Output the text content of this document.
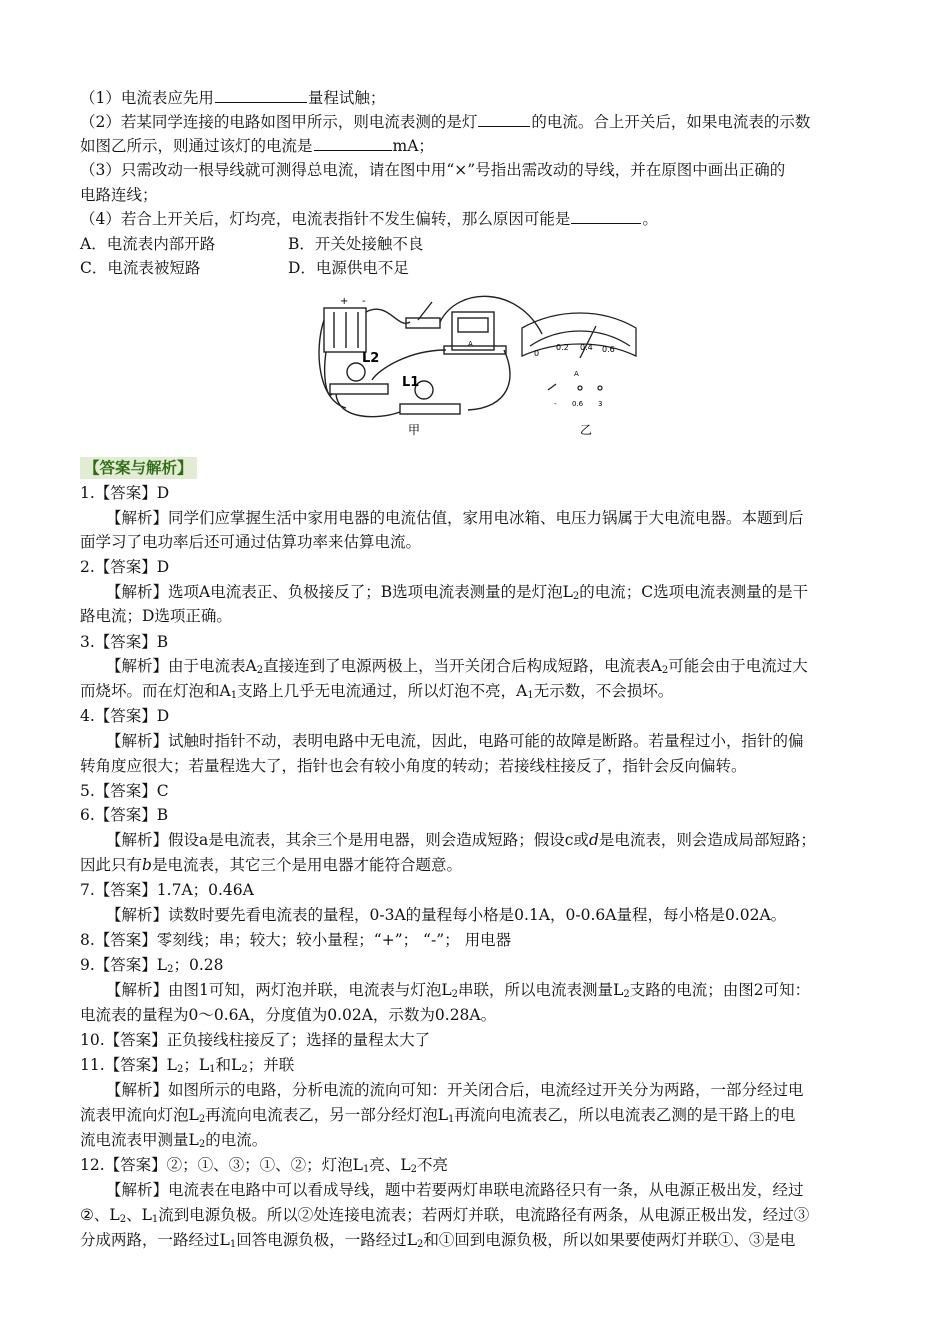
（1）电流表应先用	量程试触；
（2）若某同学连接的电路如图甲所示，则电流表测的是灯	的电流。合上开关后，如果电流表的示数
如图乙所示，则通过该灯的电流是	mA；
（3）只需改动一根导线就可测得总电流，请在图中用“×”号指出需改动的导线，并在原图中画出正确的
电路连线；
（4）若合上开关后，灯均亮，电流表指针不发生偏转，那么原因可能是	。
A．电流表内部开路	B．开关处接触不良
C．电流表被短路	D．电源供电不足
+ -
A
L2
L1
甲
0
0.2 0.4 0.6
A
- 0.6 3
乙
【答案与解析】
1.【答案】D
【解析】同学们应掌握生活中家用电器的电流估值，家用电冰箱、电压力锅属于大电流电器。本题到后
面学习了电功率后还可通过估算功率来估算电流。
2.【答案】D
【解析】选项A电流表正、负极接反了；B选项电流表测量的是灯泡$L_2$的电流；C选项电流表测量的是干
路电流；D选项正确。
3.【答案】B
【解析】由于电流表$A_2$直接连到了电源两极上，当开关闭合后构成短路，电流表$A_2$可能会由于电流过大
而烧坏。而在灯泡和$A_1$支路上几乎无电流通过，所以灯泡不亮，$A_1$无示数，不会损坏。
4.【答案】D
【解析】试触时指针不动，表明电路中无电流，因此，电路可能的故障是断路。若量程过小，指针的偏
转角度应很大；若量程选大了，指针也会有较小角度的转动；若接线柱接反了，指针会反向偏转。
5.【答案】C
6.【答案】B
【解析】假设a是电流表，其余三个是用电器，则会造成短路；假设c或d是电流表，则会造成局部短路；
因此只有b是电流表，其它三个是用电器才能符合题意。
7.【答案】1.7A；0.46A
【解析】读数时要先看电流表的量程，0-3A的量程每小格是0.1A，0-0.6A量程，每小格是0.02A。
8.【答案】零刻线；串；较大；较小量程；“+”； “-”； 用电器
9.【答案】$L_2$；0.28
【解析】由图1可知，两灯泡并联，电流表与灯泡$L_2$串联，所以电流表测量$L_2$支路的电流；由图2可知：
电流表的量程为0～0.6A，分度值为0.02A，示数为0.28A。
10.【答案】正负接线柱接反了；选择的量程太大了
11.【答案】$L_2$；$L_1$和$L_2$；并联
【解析】如图所示的电路，分析电流的流向可知：开关闭合后，电流经过开关分为两路，一部分经过电
流表甲流向灯泡$L_2$再流向电流表乙，另一部分经灯泡$L_1$再流向电流表乙，所以电流表乙测的是干路上的电
流电流表甲测量$L_2$的电流。
12.【答案】②；①、③；①、②；灯泡$L_1$亮、$L_2$不亮
【解析】电流表在电路中可以看成导线，题中若要两灯串联电流路径只有一条，从电源正极出发，经过
②、$L_2$、$L_1$流到电源负极。所以②处连接电流表；若两灯并联，电流路径有两条，从电源正极出发，经过③
分成两路，一路经过$L_1$回答电源负极，一路经过$L_2$和①回到电源负极，所以如果要使两灯并联①、③是电
